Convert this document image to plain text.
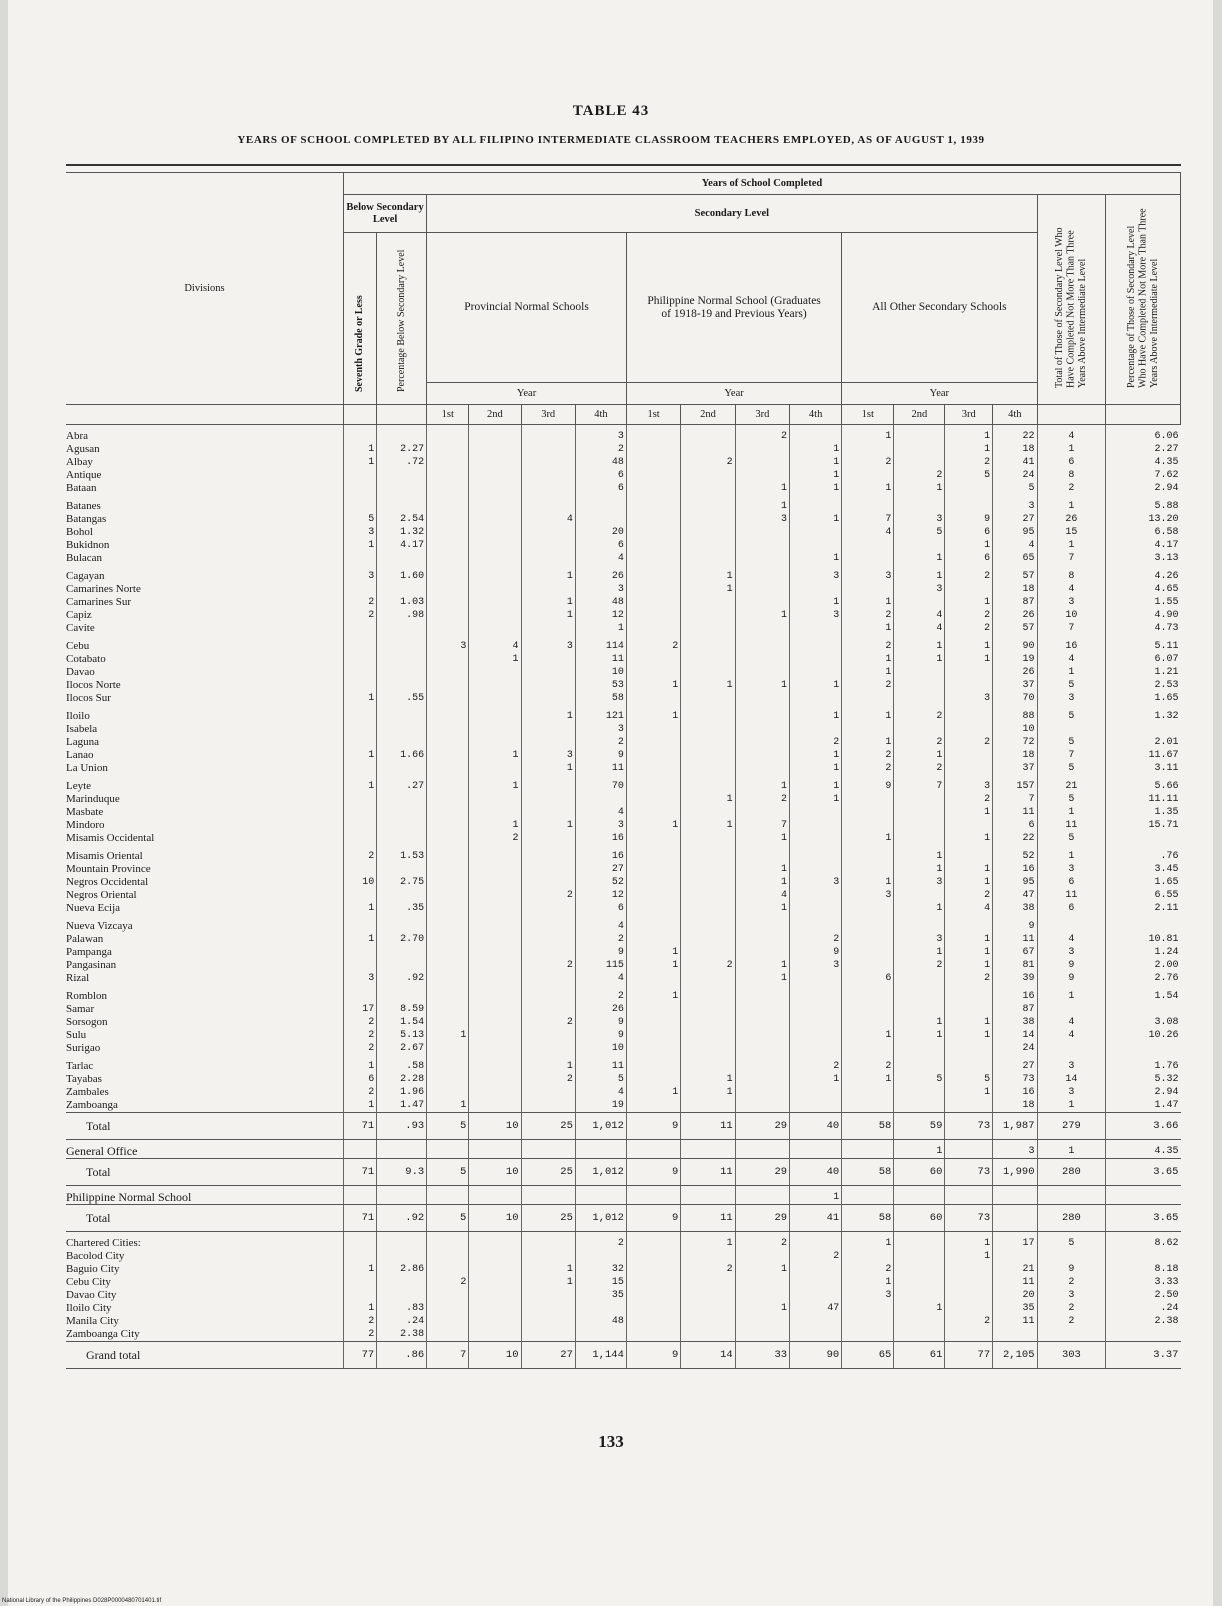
TABLE 43
YEARS OF SCHOOL COMPLETED BY ALL FILIPINO INTERMEDIATE CLASSROOM TEACHERS EMPLOYED, AS OF AUGUST 1, 1939
Divisions	Years of School Completed															
	Below Secondary Level		Secondary Level												Total of Those of Secondary Level Who Have Completed Not More Than Three Years Above Intermediate Level	Percentage of Those of Secondary Level Who Have Completed Not More Than Three Years Above Intermediate Level
	Seventh Grade or Less	Percentage Below Secondary Level	Provincial Normal Schools				Philippine Normal School (Graduates of 1918-19 and Previous Years)				All Other Secondary Schools					
			Year				Year				Year					
			1st	2nd	3rd	4th	1st	2nd	3rd	4th	1st	2nd	3rd	4th		
Abra						3			2		1		1	22	4	6.06
Agusan	1	2.27				2				1			1	18	1	2.27
Albay	1	.72				48		2		1	2		2	41	6	4.35
Antique						6				1		2	5	24	8	7.62
Bataan						6			1	1	1	1		5	2	2.94
Batanes									1					3	1	5.88
Batangas	5	2.54			4				3	1	7	3	9	27	26	13.20
Bohol	3	1.32				20					4	5	6	95	15	6.58
Bukidnon	1	4.17				6							1	4	1	4.17
Bulacan						4				1		1	6	65	7	3.13
Cagayan	3	1.60			1	26		1		3	3	1	2	57	8	4.26
Camarines Norte						3		1				3		18	4	4.65
Camarines Sur	2	1.03			1	48				1	1		1	87	3	1.55
Capiz	2	.98			1	12			1	3	2	4	2	26	10	4.90
Cavite						1					1	4	2	57	7	4.73
Cebu			3	4	3	114	2				2	1	1	90	16	5.11
Cotabato				1		11					1	1	1	19	4	6.07
Davao						10					1			26	1	1.21
Ilocos Norte						53	1	1	1	1	2			37	5	2.53
Ilocos Sur	1	.55				58							3	70	3	1.65
Iloilo					1	121	1			1	1	2		88	5	1.32
Isabela						3								10		
Laguna						2				2	1	2	2	72	5	2.01
Lanao	1	1.66		1	3	9				1	2	1		18	7	11.67
La Union					1	11				1	2	2		37	5	3.11
Leyte	1	.27		1		70			1	1	9	7	3	157	21	5.66
Marinduque								1	2	1			2	7	5	11.11
Masbate						4							1	11	1	1.35
Mindoro				1	1	3	1	1	7					6	11	15.71
Misamis Occidental				2		16			1		1		1	22	5	
Misamis Oriental	2	1.53				16						1		52	1	.76
Mountain Province						27			1			1	1	16	3	3.45
Negros Occidental	10	2.75				52			1	3	1	3	1	95	6	1.65
Negros Oriental					2	12			4		3		2	47	11	6.55
Nueva Ecija	1	.35				6			1			1	4	38	6	2.11
Nueva Vizcaya						4								9		
Palawan	1	2.70				2				2		3	1	11	4	10.81
Pampanga						9	1			9		1	1	67	3	1.24
Pangasinan					2	115	1	2	1	3		2	1	81	9	2.00
Rizal	3	.92				4			1		6		2	39	9	2.76
Romblon						2	1							16	1	1.54
Samar	17	8.59				26								87		
Sorsogon	2	1.54			2	9						1	1	38	4	3.08
Sulu	2	5.13	1			9					1	1	1	14	4	10.26
Surigao	2	2.67				10								24		
Tarlac	1	.58			1	11				2	2			27	3	1.76
Tayabas	6	2.28			2	5		1		1	1	5	5	73	14	5.32
Zambales	2	1.96				4	1	1					1	16	3	2.94
Zamboanga	1	1.47	1			19								18	1	1.47
Total	71	.93	5	10	25	1,012	9	11	29	40	58	59	73	1,987	279	3.66
General Office												1		3	1	4.35
Total	71	9.3	5	10	25	1,012	9	11	29	40	58	60	73	1,990	280	3.65
Philippine Normal School										1						
Total	71	.92	5	10	25	1,012	9	11	29	41	58	60	73		280	3.65
Chartered Cities:						2		1	2		1		1	17	5	8.62
Bacolod City										2			1			
Baguio City	1	2.86			1	32		2	1		2			21	9	8.18
Cebu City			2		1	15					1			11	2	3.33
Davao City						35					3			20	3	2.50
Iloilo City	1	.83							1	47		1		35	2	.24
Manila City	2	.24				48							2	11	2	2.38
Zamboanga City	2	2.38														
Grand total	77	.86	7	10	27	1,144	9	14	33	90	65	61	77	2,105	303	3.37
133
National Library of the Philippines D028P0000480701401.tif
